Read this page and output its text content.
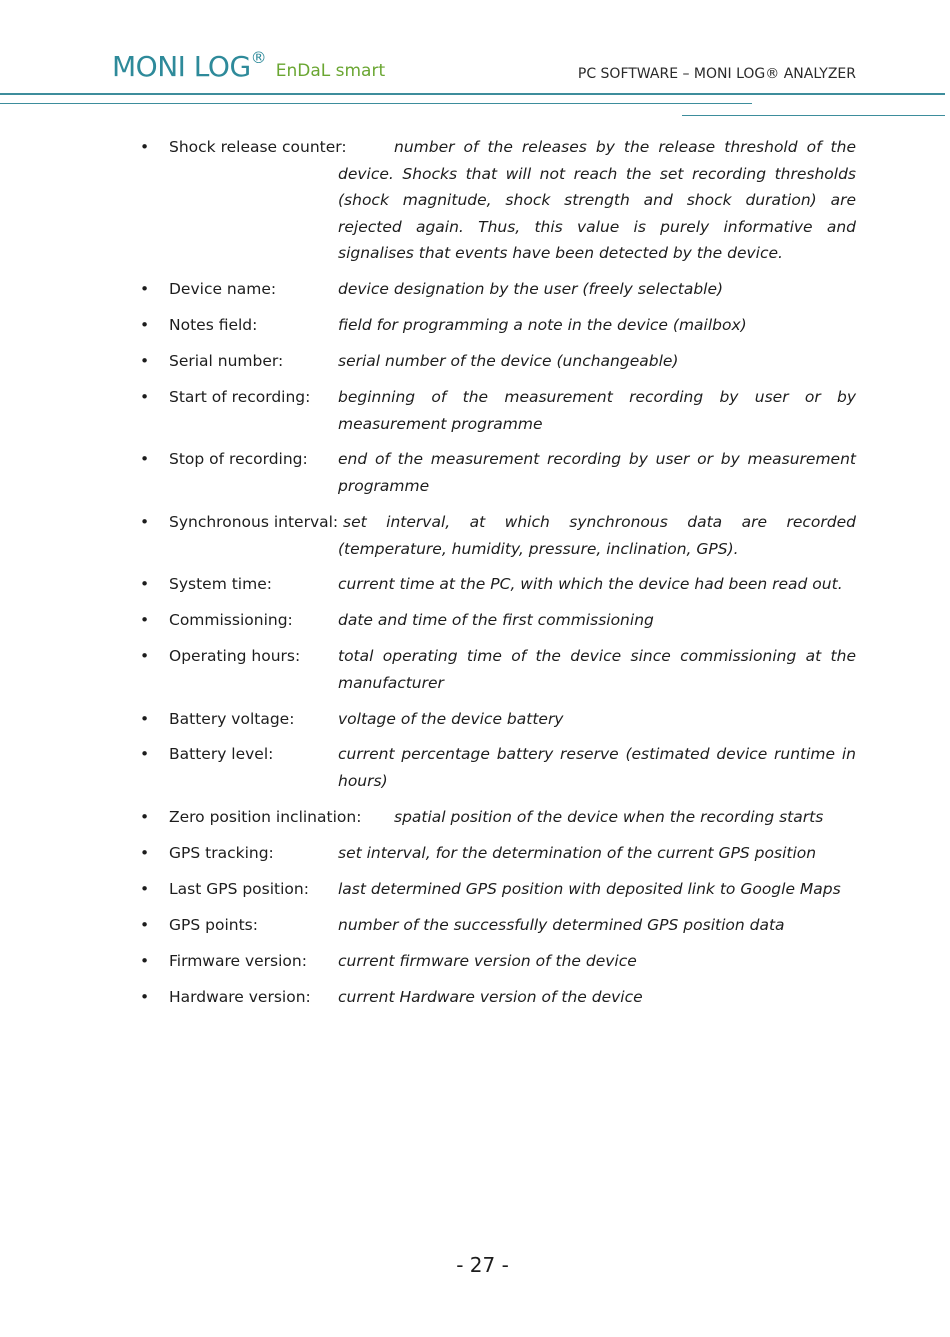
MONI LOG® EnDaL smart	PC SOFTWARE – MONI LOG® ANALYZER
• Shock release counter:	number of the releases by the release threshold of the device. Shocks that will not reach the set recording thresholds (shock magnitude, shock strength and shock duration) are rejected again. Thus, this value is purely informative and signalises that events have been detected by the device.
• Device name:	device designation by the user (freely selectable)
• Notes field:	field for programming a note in the device (mailbox)
• Serial number:	serial number of the device (unchangeable)
• Start of recording: beginning of the measurement recording by user or by measurement programme
• Stop of recording: end of the measurement recording by user or by measurement programme
• Synchronous interval: set interval, at which synchronous data are recorded (temperature, humidity, pressure, inclination, GPS).
• System time:	current time at the PC, with which the device had been read out.
• Commissioning:	date and time of the first commissioning
• Operating hours: total operating time of the device since commissioning at the manufacturer
• Battery voltage:	voltage of the device battery
• Battery level:	current percentage battery reserve (estimated device runtime in hours)
• Zero position inclination:	spatial position of the device when the recording starts
• GPS tracking:	set interval, for the determination of the current GPS position
• Last GPS position: last determined GPS position with deposited link to Google Maps
• GPS points:	number of the successfully determined GPS position data
• Firmware version: current firmware version of the device
• Hardware version: current Hardware version of the device
- 27 -
